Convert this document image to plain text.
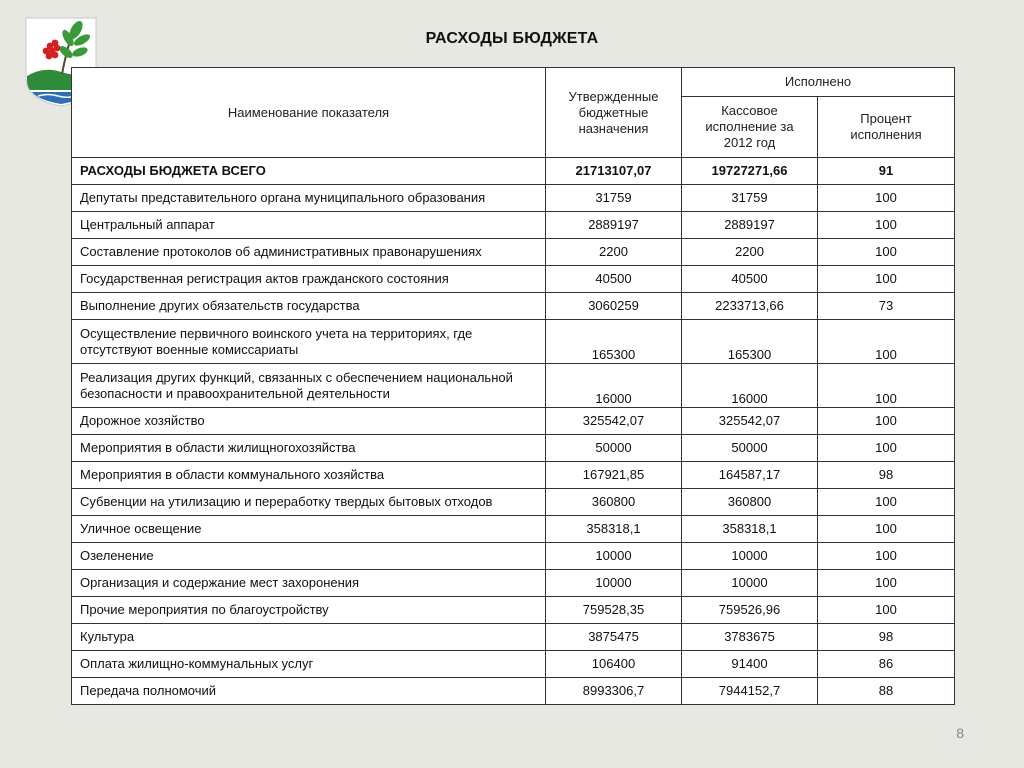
РАСХОДЫ БЮДЖЕТА
Наименование показателя	Утвержденные бюджетные назначения	Исполнено	
		Кассовое исполнение за 2012 год	Процент исполнения
РАСХОДЫ БЮДЖЕТА ВСЕГО	21713107,07	19727271,66	91
Депутаты представительного органа муниципального образования	31759	31759	100
Центральный аппарат	2889197	2889197	100
Составление протоколов об административных правонарушениях	2200	2200	100
Государственная регистрация актов гражданского состояния	40500	40500	100
Выполнение других обязательств государства	3060259	2233713,66	73
Осуществление первичного воинского учета на территориях, где отсутствуют военные комиссариаты	165300	165300	100
Реализация других функций, связанных с обеспечением национальной безопасности и правоохранительной деятельности	16000	16000	100
Дорожное хозяйство	325542,07	325542,07	100
Мероприятия в области жилищногохозяйства	50000	50000	100
Мероприятия в области коммунального хозяйства	167921,85	164587,17	98
Субвенции на утилизацию и переработку твердых бытовых отходов	360800	360800	100
Уличное освещение	358318,1	358318,1	100
Озеленение	10000	10000	100
Организация и содержание мест захоронения	10000	10000	100
Прочие мероприятия по благоустройству	759528,35	759526,96	100
Культура	3875475	3783675	98
Оплата жилищно-коммунальных услуг	106400	91400	86
Передача полномочий	8993306,7	7944152,7	88
8
